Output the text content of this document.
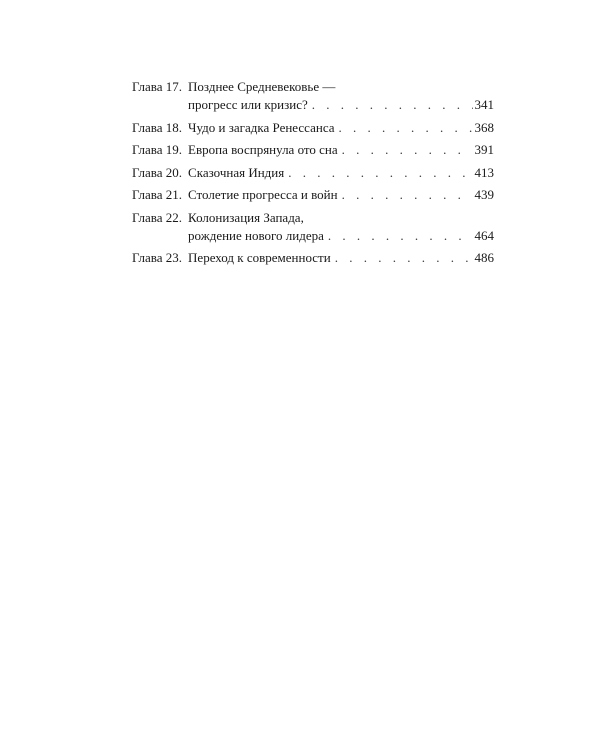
Глава 17. Позднее Средневековье —
прогресс или кризис? . . .	341
Глава 18. Чудо и загадка Ренессанса . . .	368
Глава 19. Европа воспрянула ото сна . . .	391
Глава 20. Сказочная Индия . . .	413
Глава 21. Столетие прогресса и войн . . .	439
Глава 22. Колонизация Запада,
рождение нового лидера . . .	464
Глава 23. Переход к современности . . .	486
